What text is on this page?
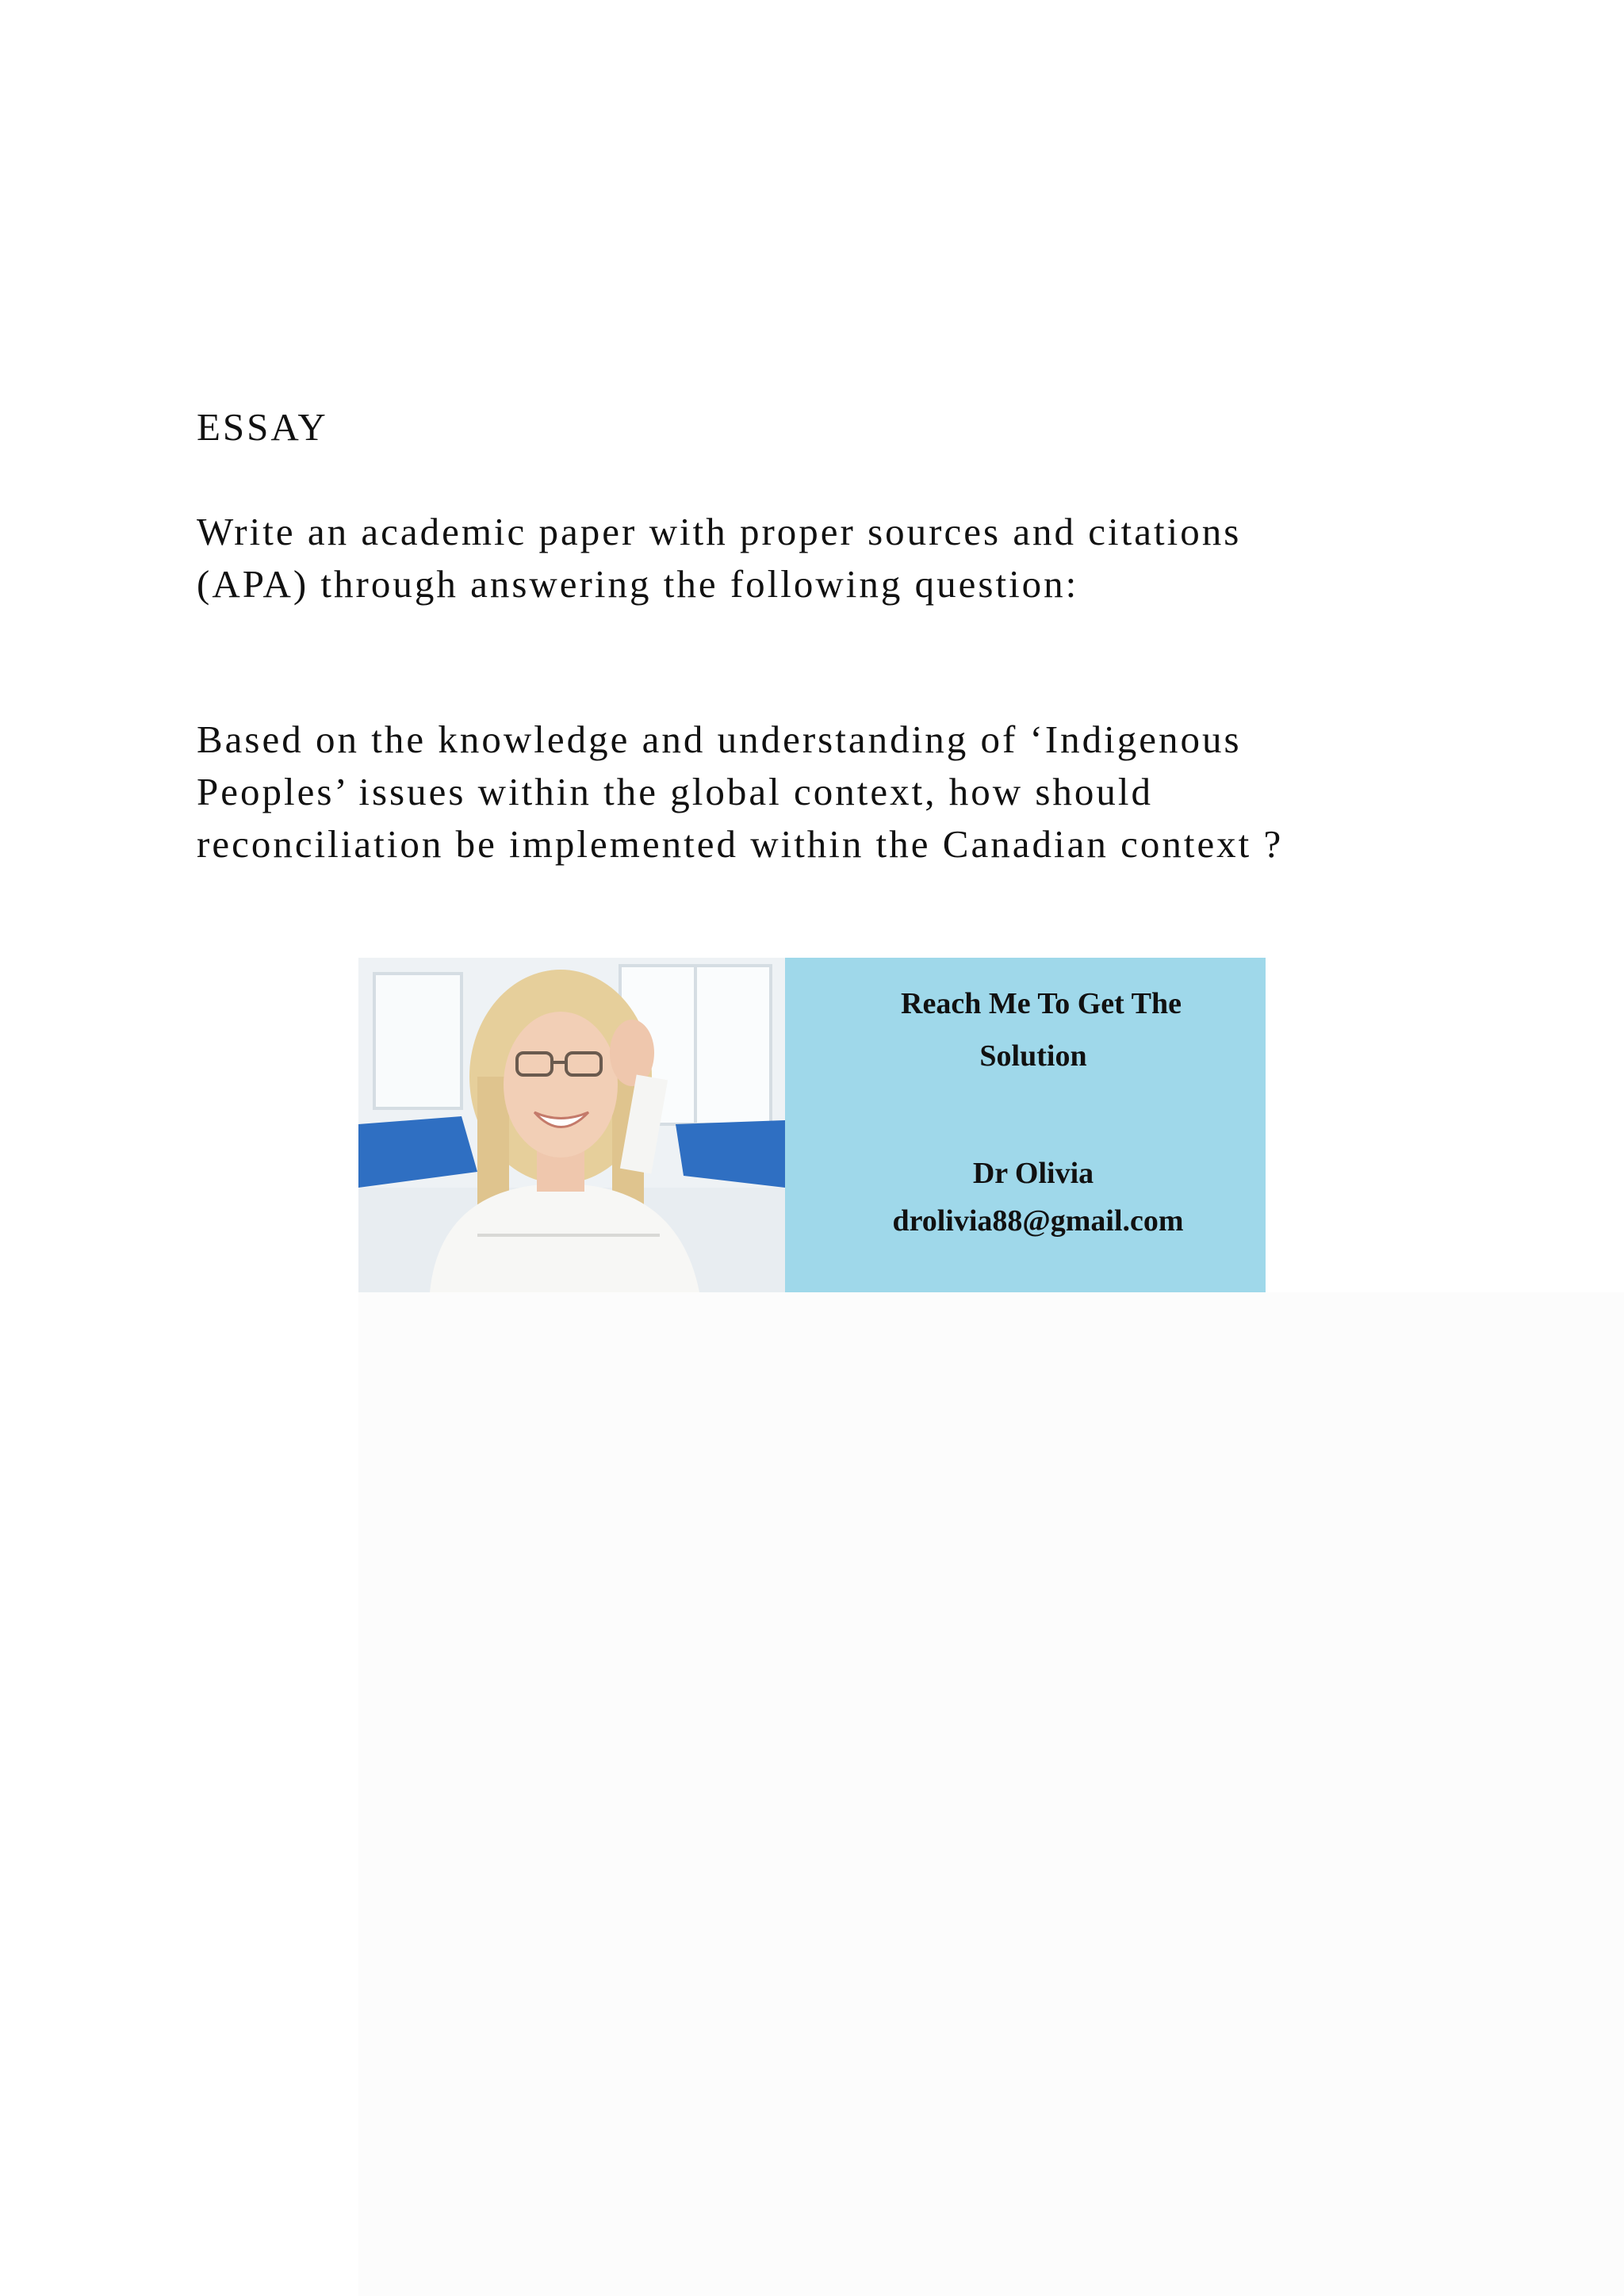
ESSAY

Write an academic paper with proper sources and citations
(APA) through answering the following question:

Based on the knowledge and understanding of ‘Indigenous
Peoples’ issues within the global context, how should
reconciliation be implemented within the Canadian context ?

Reach Me To Get The
Solution
Dr Olivia
drolivia88@gmail.com
